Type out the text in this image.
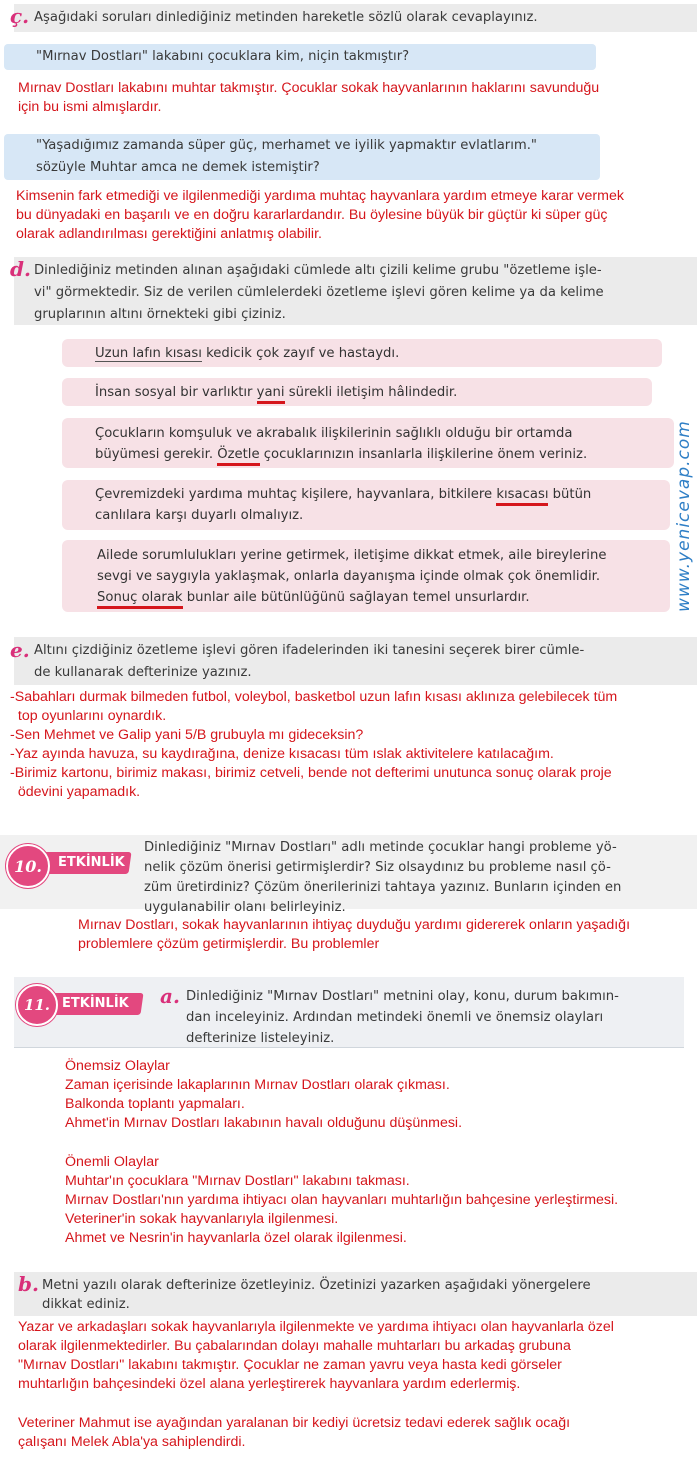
ç. Aşağıdaki soruları dinlediğiniz metinden hareketle sözlü olarak cevaplayınız.
"Mırnav Dostları" lakabını çocuklara kim, niçin takmıştır?
Mırnav Dostları lakabını muhtar takmıştır. Çocuklar sokak hayvanlarının haklarını savunduğu
için bu ismi almışlardır.
"Yaşadığımız zamanda süper güç, merhamet ve iyilik yapmaktır evlatlarım."
sözüyle Muhtar amca ne demek istemiştir?
Kimsenin fark etmediği ve ilgilenmediği yardıma muhtaç hayvanlara yardım etmeye karar vermek
bu dünyadaki en başarılı ve en doğru kararlardandır. Bu öylesine büyük bir güçtür ki süper güç
olarak adlandırılması gerektiğini anlatmış olabilir.
d. Dinlediğiniz metinden alınan aşağıdaki cümlede altı çizili kelime grubu "özetleme işle-
vi" görmektedir. Siz de verilen cümlelerdeki özetleme işlevi gören kelime ya da kelime
gruplarının altını örnekteki gibi çiziniz.
Uzun lafın kısası kedicik çok zayıf ve hastaydı.
İnsan sosyal bir varlıktır yani sürekli iletişim hâlindedir.
Çocukların komşuluk ve akrabalık ilişkilerinin sağlıklı olduğu bir ortamda
büyümesi gerekir. Özetle çocuklarınızın insanlarla ilişkilerine önem veriniz.
Çevremizdeki yardıma muhtaç kişilere, hayvanlara, bitkilere kısacası bütün
canlılara karşı duyarlı olmalıyız.
Ailede sorumlulukları yerine getirmek, iletişime dikkat etmek, aile bireylerine
sevgi ve saygıyla yaklaşmak, onlarla dayanışma içinde olmak çok önemlidir.
Sonuç olarak bunlar aile bütünlüğünü sağlayan temel unsurlardır.	www.yenicevap.com
e. Altını çizdiğiniz özetleme işlevi gören ifadelerinden iki tanesini seçerek birer cümle-
de kullanarak defterinize yazınız.
-Sabahları durmak bilmeden futbol, voleybol, basketbol uzun lafın kısası aklınıza gelebilecek tüm
top oyunlarını oynardık.
-Sen Mehmet ve Galip yani 5/B grubuyla mı gideceksin?
-Yaz ayında havuza, su kaydırağına, denize kısacası tüm ıslak aktivitelere katılacağım.
-Birimiz kartonu, birimiz makası, birimiz cetveli, bende not defterimi unutunca sonuç olarak proje
ödevini yapamadık.
ETKİNLİK
10.
Dinlediğiniz "Mırnav Dostları" adlı metinde çocuklar hangi probleme yö-
nelik çözüm önerisi getirmişlerdir? Siz olsaydınız bu probleme nasıl çö-
züm üretirdiniz? Çözüm önerilerinizi tahtaya yazınız. Bunların içinden en
uygulanabilir olanı belirleyiniz.
Mırnav Dostları, sokak hayvanlarının ihtiyaç duyduğu yardımı gidererek onların yaşadığı
problemlere çözüm getirmişlerdir. Bu problemler
ETKİNLİK
11.	a. Dinlediğiniz "Mırnav Dostları" metnini olay, konu, durum bakımın-
dan inceleyiniz. Ardından metindeki önemli ve önemsiz olayları
defterinize listeleyiniz.
Önemsiz Olaylar
Zaman içerisinde lakaplarının Mırnav Dostları olarak çıkması.
Balkonda toplantı yapmaları.
Ahmet'in Mırnav Dostları lakabının havalı olduğunu düşünmesi.
Önemli Olaylar
Muhtar'ın çocuklara "Mırnav Dostları" lakabını takması.
Mırnav Dostları'nın yardıma ihtiyacı olan hayvanları muhtarlığın bahçesine yerleştirmesi.
Veteriner'in sokak hayvanlarıyla ilgilenmesi.
Ahmet ve Nesrin'in hayvanlarla özel olarak ilgilenmesi.
b. Metni yazılı olarak defterinize özetleyiniz. Özetinizi yazarken aşağıdaki yönergelere
dikkat ediniz.
Yazar ve arkadaşları sokak hayvanlarıyla ilgilenmekte ve yardıma ihtiyacı olan hayvanlarla özel
olarak ilgilenmektedirler. Bu çabalarından dolayı mahalle muhtarları bu arkadaş grubuna
"Mırnav Dostları" lakabını takmıştır. Çocuklar ne zaman yavru veya hasta kedi görseler
muhtarlığın bahçesindeki özel alana yerleştirerek hayvanlara yardım ederlermiş.
Veteriner Mahmut ise ayağından yaralanan bir kediyi ücretsiz tedavi ederek sağlık ocağı
çalışanı Melek Abla'ya sahiplendirdi.
